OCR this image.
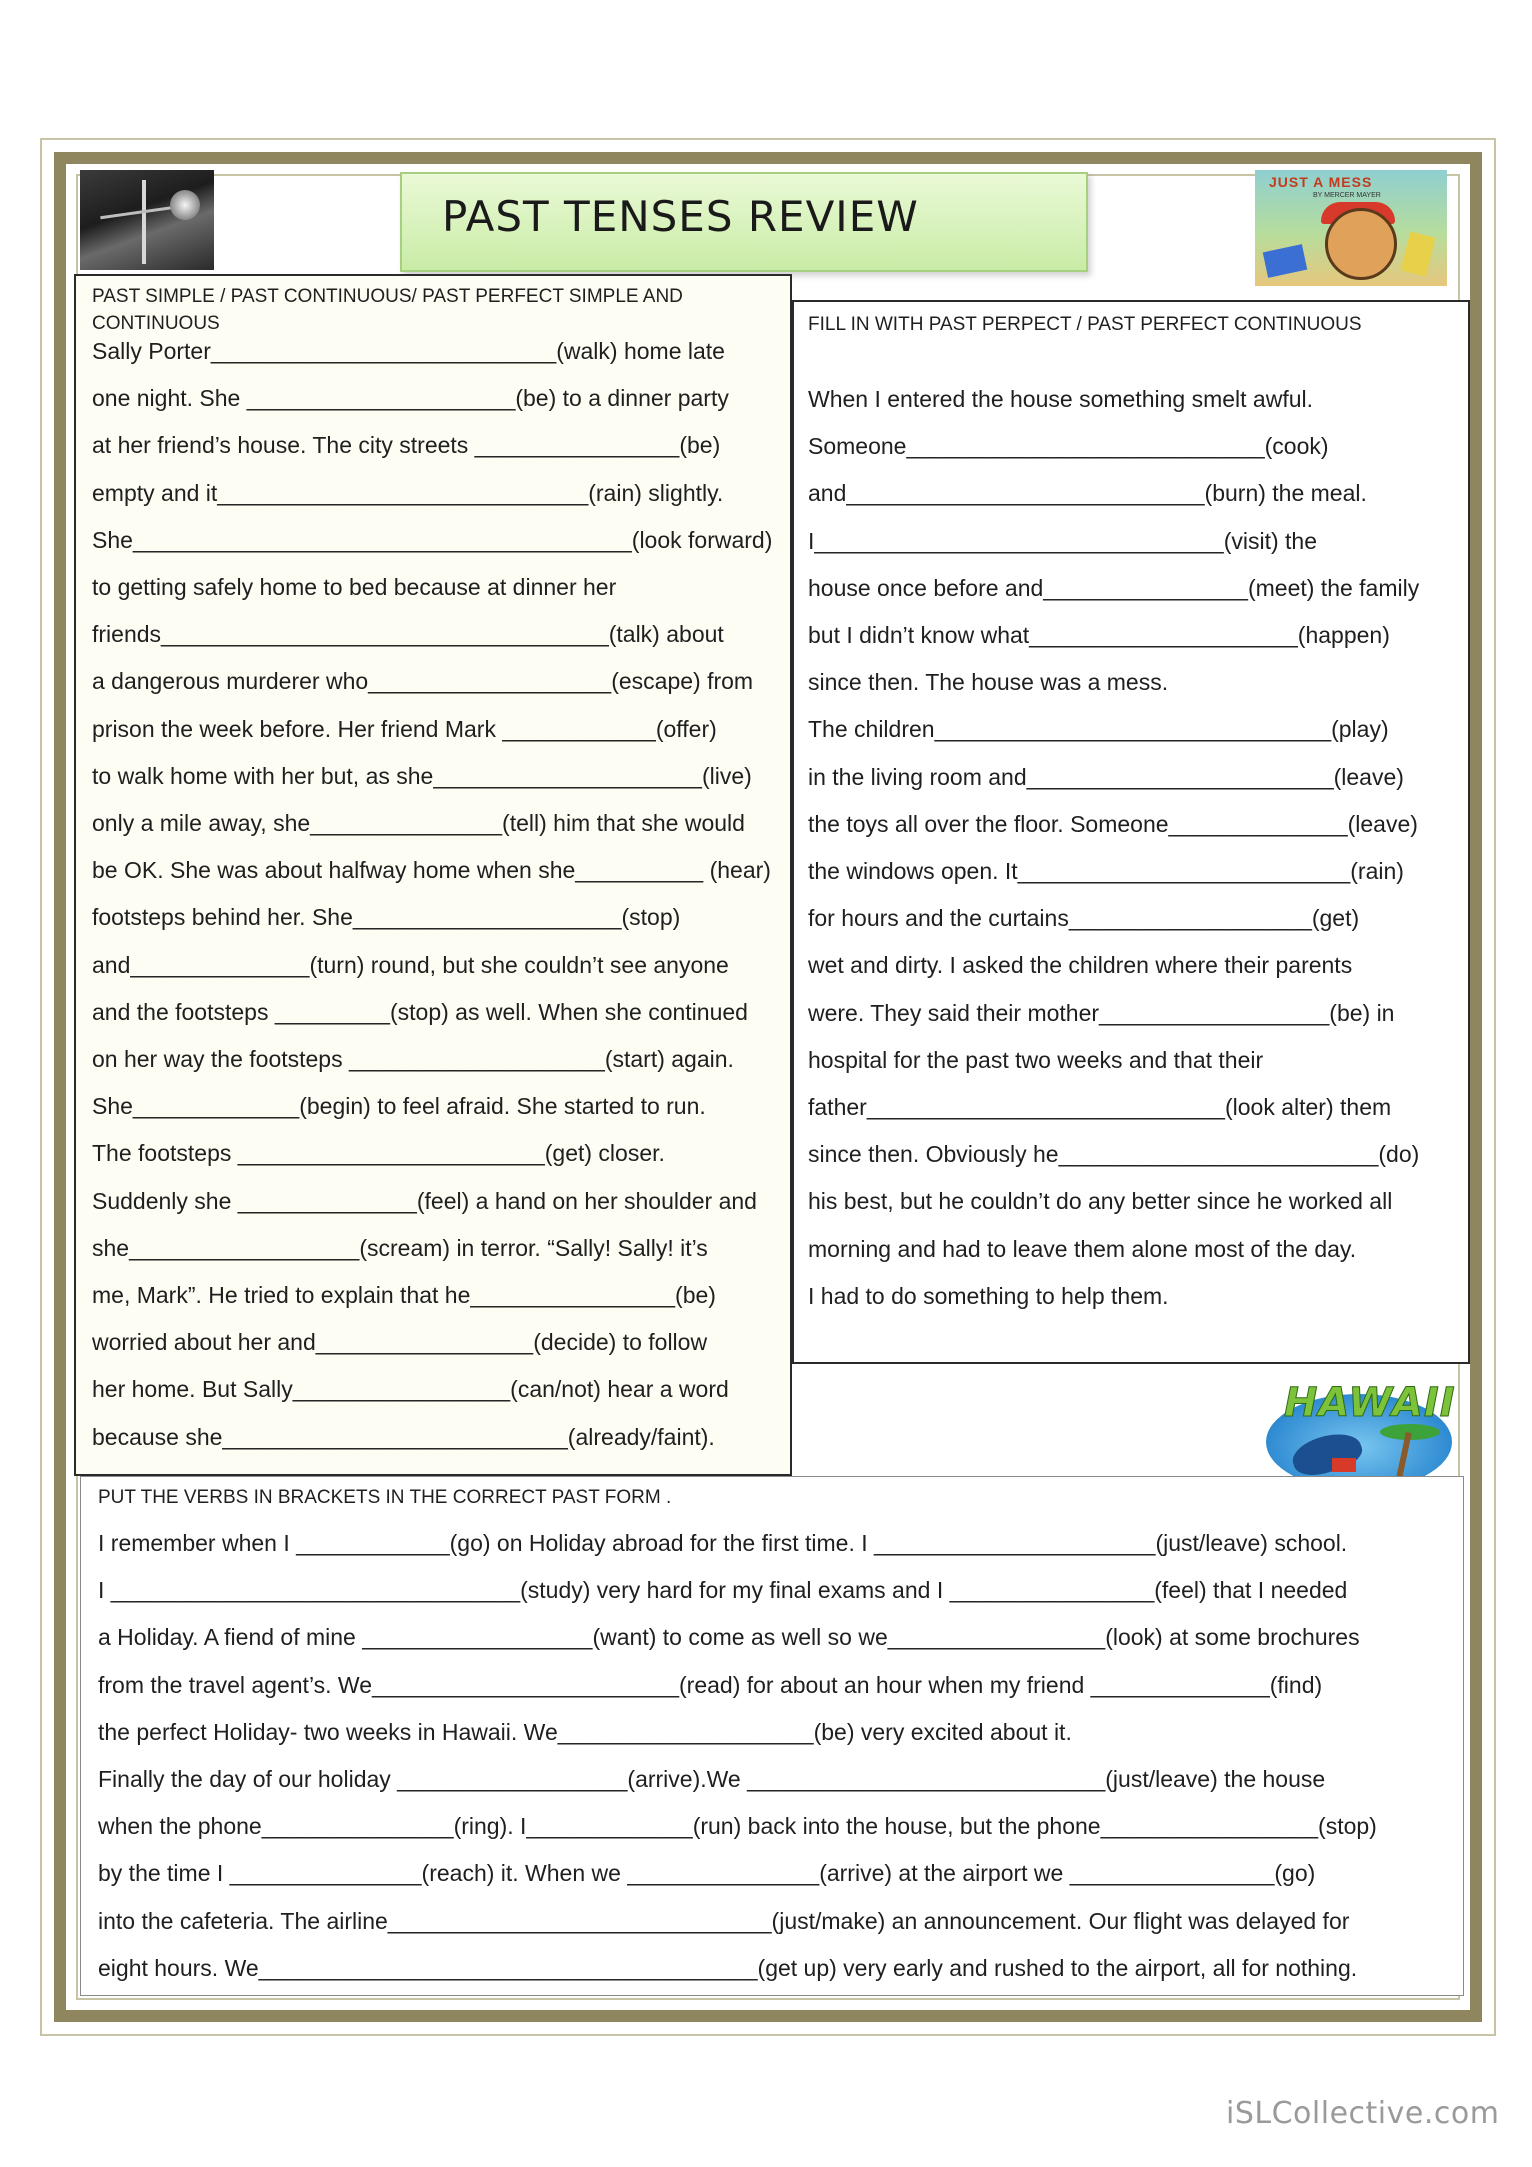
PAST TENSES REVIEW
JUST A MESS
BY MERCER MAYER
PAST SIMPLE / PAST CONTINUOUS/ PAST PERFECT SIMPLE AND
CONTINUOUS
Sally Porter___________________________(walk) home late
one night. She _____________________(be) to a dinner party
at her friend’s house. The city streets ________________(be)
empty and it_____________________________(rain) slightly.
She_______________________________________(look forward)
to getting safely home to bed because at dinner her
friends___________________________________(talk) about
a dangerous murderer who___________________(escape) from
prison the week before. Her friend Mark ____________(offer)
to walk home with her but, as she_____________________(live)
only a mile away, she_______________(tell) him that she would
be OK. She was about halfway home when she__________ (hear)
footsteps behind her. She_____________________(stop)
and______________(turn) round, but she couldn’t see anyone
and the footsteps _________(stop) as well. When she continued
on her way the footsteps ____________________(start) again.
She_____________(begin) to feel afraid. She started to run.
The footsteps ________________________(get) closer.
Suddenly she ______________(feel) a hand on her shoulder and
she__________________(scream) in terror. “Sally! Sally! it’s
me, Mark”. He tried to explain that he________________(be)
worried about her and_________________(decide) to follow
her home. But Sally_________________(can/not) hear a word
because she___________________________(already/faint).
FILL IN WITH PAST PERPECT / PAST PERFECT CONTINUOUS
When I entered the house something smelt awful.
Someone____________________________(cook)
and____________________________(burn) the meal.
I________________________________(visit) the
house once before and________________(meet) the family
but I didn’t know what_____________________(happen)
since then. The house was a mess.
The children_______________________________(play)
in the living room and________________________(leave)
the toys all over the floor. Someone______________(leave)
the windows open. It__________________________(rain)
for hours and the curtains___________________(get)
wet and dirty. I asked the children where their parents
were. They said their mother__________________(be) in
hospital for the past two weeks and that their
father____________________________(look alter) them
since then. Obviously he_________________________(do)
his best, but he couldn’t do any better since he worked all
morning and had to leave them alone most of the day.
I had to do something to help them.
HAWAII
PUT THE VERBS IN BRACKETS IN THE CORRECT PAST FORM .
I remember when I ____________(go) on Holiday abroad for the first time. I ______________________(just/leave) school.
I ________________________________(study) very hard for my final exams and I ________________(feel) that I needed
a Holiday. A fiend of mine __________________(want) to come as well so we_________________(look) at some brochures
from the travel agent’s. We________________________(read) for about an hour when my friend ______________(find)
the perfect Holiday- two weeks in Hawaii. We____________________(be) very excited about it.
Finally the day of our holiday __________________(arrive).We ____________________________(just/leave) the house
when the phone_______________(ring). I_____________(run) back into the house, but the phone_________________(stop)
by the time I _______________(reach) it. When we _______________(arrive) at the airport we ________________(go)
into the cafeteria. The airline______________________________(just/make) an announcement. Our flight was delayed for
eight hours. We_______________________________________(get up) very early and rushed to the airport, all for nothing.
iSLCollective.com
